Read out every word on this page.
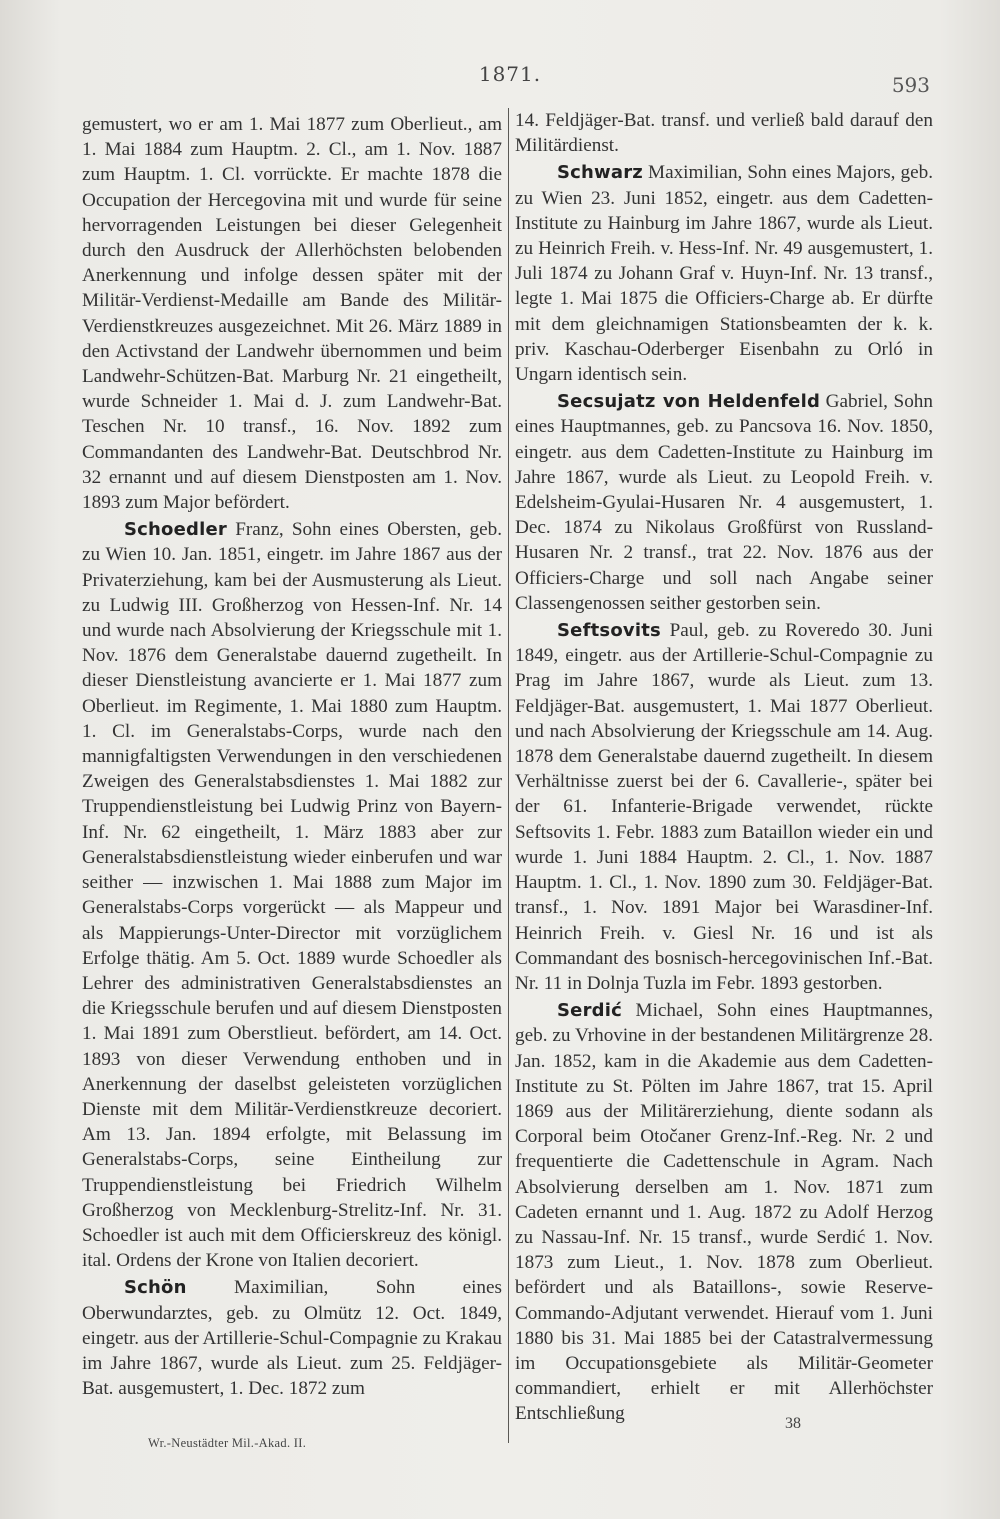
1871.	593

gemustert, wo er am 1. Mai 1877 zum Oberlieut., am 1. Mai 1884 zum Hauptm. 2. Cl., am 1. Nov. 1887 zum Hauptm. 1. Cl. vorrückte. Er machte 1878 die Occupation der Hercegovina mit und wurde für seine hervorragenden Leistungen bei dieser Gelegenheit durch den Ausdruck der Allerhöchsten belobenden Anerkennung und infolge dessen später mit der Militär-Verdienst-Medaille am Bande des Militär-Verdienstkreuzes ausgezeichnet. Mit 26. März 1889 in den Activstand der Landwehr übernommen und beim Landwehr-Schützen-Bat. Marburg Nr. 21 eingetheilt, wurde Schneider 1. Mai d. J. zum Landwehr-Bat. Teschen Nr. 10 transf., 16. Nov. 1892 zum Commandanten des Landwehr-Bat. Deutschbrod Nr. 32 ernannt und auf diesem Dienstposten am 1. Nov. 1893 zum Major befördert.

Schoedler Franz, Sohn eines Obersten, geb. zu Wien 10. Jan. 1851, eingetr. im Jahre 1867 aus der Privaterziehung, kam bei der Ausmusterung als Lieut. zu Ludwig III. Großherzog von Hessen-Inf. Nr. 14 und wurde nach Absolvierung der Kriegsschule mit 1. Nov. 1876 dem Generalstabe dauernd zugetheilt. In dieser Dienstleistung avancierte er 1. Mai 1877 zum Oberlieut. im Regimente, 1. Mai 1880 zum Hauptm. 1. Cl. im Generalstabs-Corps, wurde nach den mannigfaltigsten Verwendungen in den verschiedenen Zweigen des Generalstabsdienstes 1. Mai 1882 zur Truppendienstleistung bei Ludwig Prinz von Bayern-Inf. Nr. 62 eingetheilt, 1. März 1883 aber zur Generalstabsdienstleistung wieder einberufen und war seither — inzwischen 1. Mai 1888 zum Major im Generalstabs-Corps vorgerückt — als Mappeur und als Mappierungs-Unter-Director mit vorzüglichem Erfolge thätig. Am 5. Oct. 1889 wurde Schoedler als Lehrer des administrativen Generalstabsdienstes an die Kriegsschule berufen und auf diesem Dienstposten 1. Mai 1891 zum Oberstlieut. befördert, am 14. Oct. 1893 von dieser Verwendung enthoben und in Anerkennung der daselbst geleisteten vorzüglichen Dienste mit dem Militär-Verdienstkreuze decoriert. Am 13. Jan. 1894 erfolgte, mit Belassung im Generalstabs-Corps, seine Eintheilung zur Truppendienstleistung bei Friedrich Wilhelm Großherzog von Mecklenburg-Strelitz-Inf. Nr. 31. Schoedler ist auch mit dem Officierskreuz des königl. ital. Ordens der Krone von Italien decoriert.

Schön Maximilian, Sohn eines Oberwundarztes, geb. zu Olmütz 12. Oct. 1849, eingetr. aus der Artillerie-Schul-Compagnie zu Krakau im Jahre 1867, wurde als Lieut. zum 25. Feldjäger-Bat. ausgemustert, 1. Dec. 1872 zum

14. Feldjäger-Bat. transf. und verließ bald darauf den Militärdienst.

Schwarz Maximilian, Sohn eines Majors, geb. zu Wien 23. Juni 1852, eingetr. aus dem Cadetten-Institute zu Hainburg im Jahre 1867, wurde als Lieut. zu Heinrich Freih. v. Hess-Inf. Nr. 49 ausgemustert, 1. Juli 1874 zu Johann Graf v. Huyn-Inf. Nr. 13 transf., legte 1. Mai 1875 die Officiers-Charge ab. Er dürfte mit dem gleichnamigen Stationsbeamten der k. k. priv. Kaschau-Oderberger Eisenbahn zu Orló in Ungarn identisch sein.

Secsujatz von Heldenfeld Gabriel, Sohn eines Hauptmannes, geb. zu Pancsova 16. Nov. 1850, eingetr. aus dem Cadetten-Institute zu Hainburg im Jahre 1867, wurde als Lieut. zu Leopold Freih. v. Edelsheim-Gyulai-Husaren Nr. 4 ausgemustert, 1. Dec. 1874 zu Nikolaus Großfürst von Russland-Husaren Nr. 2 transf., trat 22. Nov. 1876 aus der Officiers-Charge und soll nach Angabe seiner Classengenossen seither gestorben sein.

Seftsovits Paul, geb. zu Roveredo 30. Juni 1849, eingetr. aus der Artillerie-Schul-Compagnie zu Prag im Jahre 1867, wurde als Lieut. zum 13. Feldjäger-Bat. ausgemustert, 1. Mai 1877 Oberlieut. und nach Absolvierung der Kriegsschule am 14. Aug. 1878 dem Generalstabe dauernd zugetheilt. In diesem Verhältnisse zuerst bei der 6. Cavallerie-, später bei der 61. Infanterie-Brigade verwendet, rückte Seftsovits 1. Febr. 1883 zum Bataillon wieder ein und wurde 1. Juni 1884 Hauptm. 2. Cl., 1. Nov. 1887 Hauptm. 1. Cl., 1. Nov. 1890 zum 30. Feldjäger-Bat. transf., 1. Nov. 1891 Major bei Warasdiner-Inf. Heinrich Freih. v. Giesl Nr. 16 und ist als Commandant des bosnisch-hercegovinischen Inf.-Bat. Nr. 11 in Dolnja Tuzla im Febr. 1893 gestorben.

Serdić Michael, Sohn eines Hauptmannes, geb. zu Vrhovine in der bestandenen Militärgrenze 28. Jan. 1852, kam in die Akademie aus dem Cadetten-Institute zu St. Pölten im Jahre 1867, trat 15. April 1869 aus der Militärerziehung, diente sodann als Corporal beim Otočaner Grenz-Inf.-Reg. Nr. 2 und frequentierte die Cadettenschule in Agram. Nach Absolvierung derselben am 1. Nov. 1871 zum Cadeten ernannt und 1. Aug. 1872 zu Adolf Herzog zu Nassau-Inf. Nr. 15 transf., wurde Serdić 1. Nov. 1873 zum Lieut., 1. Nov. 1878 zum Oberlieut. befördert und als Bataillons-, sowie Reserve-Commando-Adjutant verwendet. Hierauf vom 1. Juni 1880 bis 31. Mai 1885 bei der Catastralvermessung im Occupationsgebiete als Militär-Geometer commandiert, erhielt er mit Allerhöchster Entschließung

Wr.-Neustädter Mil.-Akad. II.
38
